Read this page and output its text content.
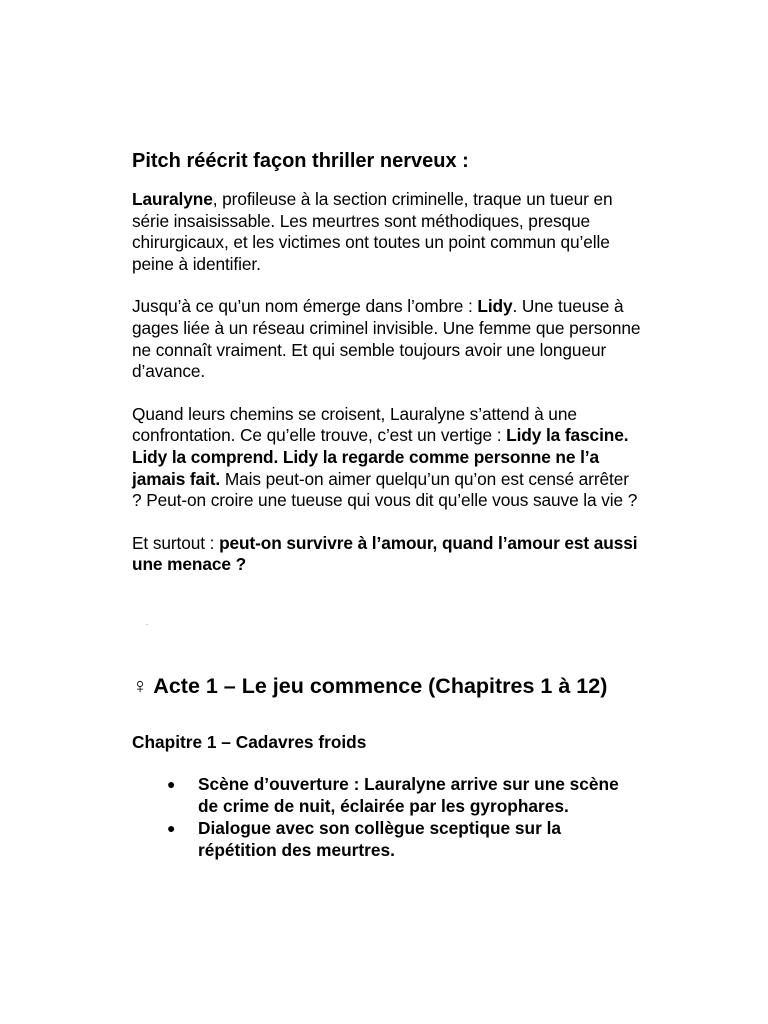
Pitch réécrit façon thriller nerveux :

Lauralyne, profileuse à la section criminelle, traque un tueur en série insaisissable. Les meurtres sont méthodiques, presque chirurgicaux, et les victimes ont toutes un point commun qu’elle peine à identifier.

Jusqu’à ce qu’un nom émerge dans l’ombre : Lidy. Une tueuse à gages liée à un réseau criminel invisible. Une femme que personne ne connaît vraiment. Et qui semble toujours avoir une longueur d’avance.

Quand leurs chemins se croisent, Lauralyne s’attend à une confrontation. Ce qu’elle trouve, c’est un vertige : Lidy la fascine. Lidy la comprend. Lidy la regarde comme personne ne l’a jamais fait. Mais peut-on aimer quelqu’un qu’on est censé arrêter ? Peut-on croire une tueuse qui vous dit qu’elle vous sauve la vie ?

Et surtout : peut-on survivre à l’amour, quand l’amour est aussi une menace ?

♀ Acte 1 – Le jeu commence (Chapitres 1 à 12)
Chapitre 1 – Cadavres froids
● Scène d’ouverture : Lauralyne arrive sur une scène de crime de nuit, éclairée par les gyrophares.
● Dialogue avec son collègue sceptique sur la répétition des meurtres.
